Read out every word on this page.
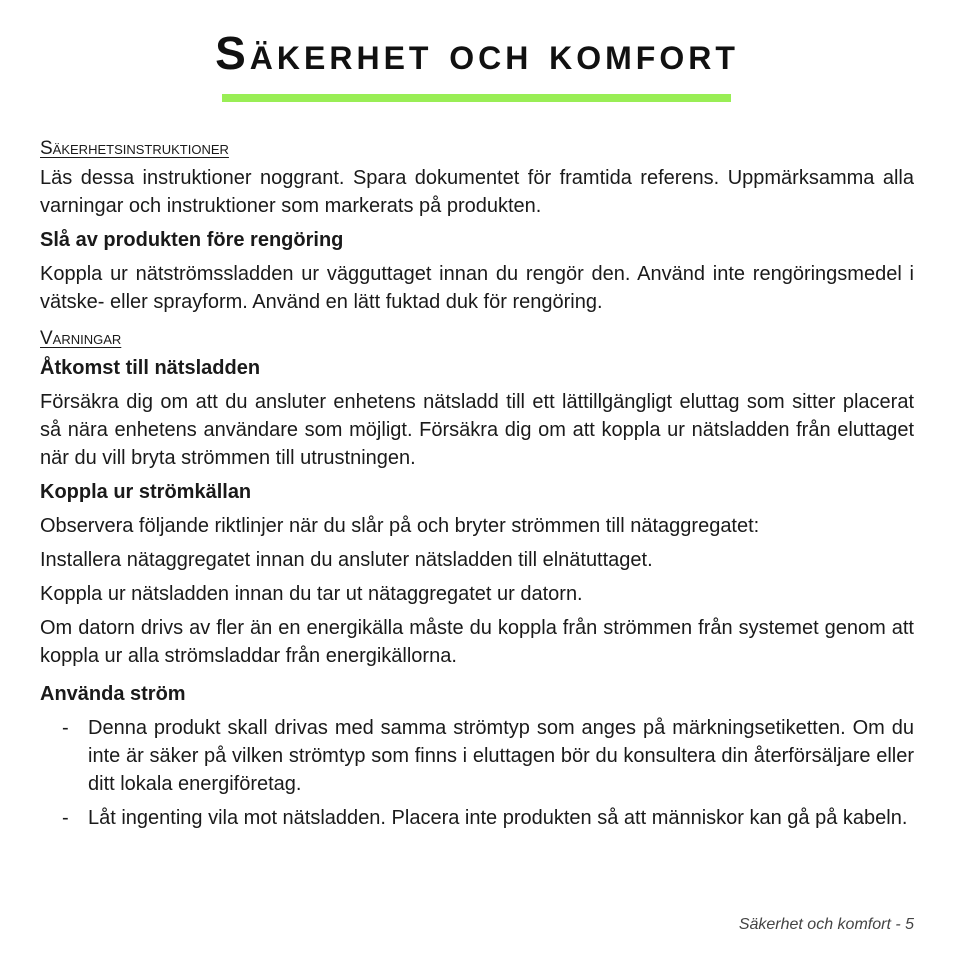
Säkerhet och komfort
Säkerhetsinstruktioner

Läs dessa instruktioner noggrant. Spara dokumentet för framtida referens. Uppmärksamma alla varningar och instruktioner som markerats på produkten.

Slå av produkten före rengöring

Koppla ur nätströmssladden ur vägguttaget innan du rengör den. Använd inte rengöringsmedel i vätske- eller sprayform. Använd en lätt fuktad duk för rengöring.

Varningar
Åtkomst till nätsladden

Försäkra dig om att du ansluter enhetens nätsladd till ett lättillgängligt eluttag som sitter placerat så nära enhetens användare som möjligt. Försäkra dig om att koppla ur nätsladden från eluttaget när du vill bryta strömmen till utrustningen.

Koppla ur strömkällan

Observera följande riktlinjer när du slår på och bryter strömmen till nätaggregatet:

Installera nätaggregatet innan du ansluter nätsladden till elnätuttaget.

Koppla ur nätsladden innan du tar ut nätaggregatet ur datorn.

Om datorn drivs av fler än en energikälla måste du koppla från strömmen från systemet genom att koppla ur alla strömsladdar från energikällorna.

Använda ström
- Denna produkt skall drivas med samma strömtyp som anges på märkningsetiketten. Om du inte är säker på vilken strömtyp som finns i eluttagen bör du konsultera din återförsäljare eller ditt lokala energiföretag.
- Låt ingenting vila mot nätsladden. Placera inte produkten så att människor kan gå på kabeln.
Säkerhet och komfort - 5
